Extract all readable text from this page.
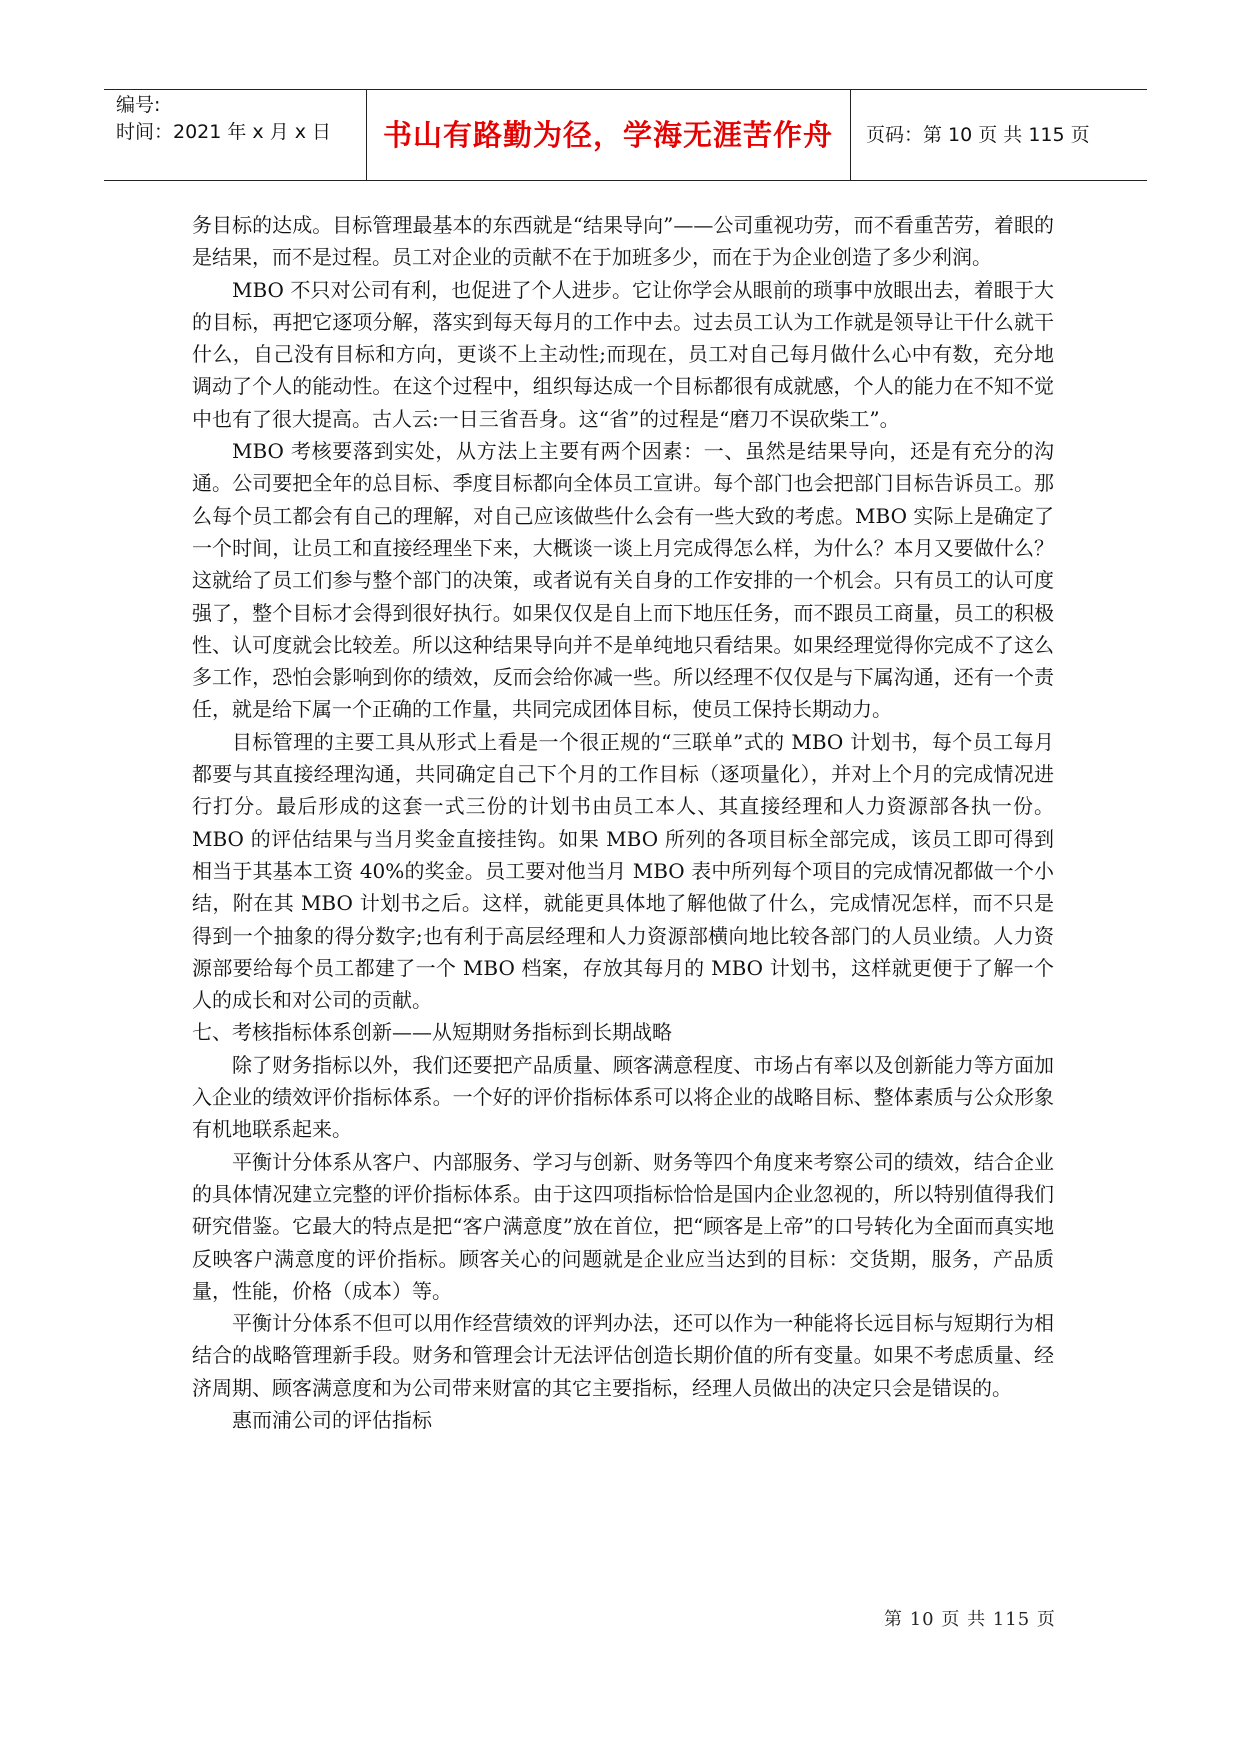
编号:
时间：2021 年 x 月 x 日	书山有路勤为径，学海无涯苦作舟	页码：第 10 页 共 115 页

务目标的达成。目标管理最基本的东西就是“结果导向”——公司重视功劳，而不看重苦劳，着眼的是结果，而不是过程。员工对企业的贡献不在于加班多少，而在于为企业创造了多少利润。

MBO 不只对公司有利，也促进了个人进步。它让你学会从眼前的琐事中放眼出去，着眼于大的目标，再把它逐项分解，落实到每天每月的工作中去。过去员工认为工作就是领导让干什么就干什么，自己没有目标和方向，更谈不上主动性;而现在，员工对自己每月做什么心中有数，充分地调动了个人的能动性。在这个过程中，组织每达成一个目标都很有成就感，个人的能力在不知不觉中也有了很大提高。古人云:一日三省吾身。这“省”的过程是“磨刀不误砍柴工”。

MBO 考核要落到实处，从方法上主要有两个因素：一、虽然是结果导向，还是有充分的沟通。公司要把全年的总目标、季度目标都向全体员工宣讲。每个部门也会把部门目标告诉员工。那么每个员工都会有自己的理解，对自己应该做些什么会有一些大致的考虑。MBO 实际上是确定了一个时间，让员工和直接经理坐下来，大概谈一谈上月完成得怎么样，为什么？本月又要做什么？这就给了员工们参与整个部门的决策，或者说有关自身的工作安排的一个机会。只有员工的认可度强了，整个目标才会得到很好执行。如果仅仅是自上而下地压任务，而不跟员工商量，员工的积极性、认可度就会比较差。所以这种结果导向并不是单纯地只看结果。如果经理觉得你完成不了这么多工作，恐怕会影响到你的绩效，反而会给你减一些。所以经理不仅仅是与下属沟通，还有一个责任，就是给下属一个正确的工作量，共同完成团体目标，使员工保持长期动力。

目标管理的主要工具从形式上看是一个很正规的“三联单”式的 MBO 计划书，每个员工每月都要与其直接经理沟通，共同确定自己下个月的工作目标（逐项量化），并对上个月的完成情况进行打分。最后形成的这套一式三份的计划书由员工本人、其直接经理和人力资源部各执一份。MBO 的评估结果与当月奖金直接挂钩。如果 MBO 所列的各项目标全部完成，该员工即可得到相当于其基本工资 40%的奖金。员工要对他当月 MBO 表中所列每个项目的完成情况都做一个小结，附在其 MBO 计划书之后。这样，就能更具体地了解他做了什么，完成情况怎样，而不只是得到一个抽象的得分数字;也有利于高层经理和人力资源部横向地比较各部门的人员业绩。人力资源部要给每个员工都建了一个 MBO 档案，存放其每月的 MBO 计划书，这样就更便于了解一个人的成长和对公司的贡献。

七、考核指标体系创新——从短期财务指标到长期战略

除了财务指标以外，我们还要把产品质量、顾客满意程度、市场占有率以及创新能力等方面加入企业的绩效评价指标体系。一个好的评价指标体系可以将企业的战略目标、整体素质与公众形象有机地联系起来。

平衡计分体系从客户、内部服务、学习与创新、财务等四个角度来考察公司的绩效，结合企业的具体情况建立完整的评价指标体系。由于这四项指标恰恰是国内企业忽视的，所以特别值得我们研究借鉴。它最大的特点是把“客户满意度”放在首位，把“顾客是上帝”的口号转化为全面而真实地反映客户满意度的评价指标。顾客关心的问题就是企业应当达到的目标：交货期，服务，产品质量，性能，价格（成本）等。

平衡计分体系不但可以用作经营绩效的评判办法，还可以作为一种能将长远目标与短期行为相结合的战略管理新手段。财务和管理会计无法评估创造长期价值的所有变量。如果不考虑质量、经济周期、顾客满意度和为公司带来财富的其它主要指标，经理人员做出的决定只会是错误的。

惠而浦公司的评估指标

第 10 页 共 115 页
